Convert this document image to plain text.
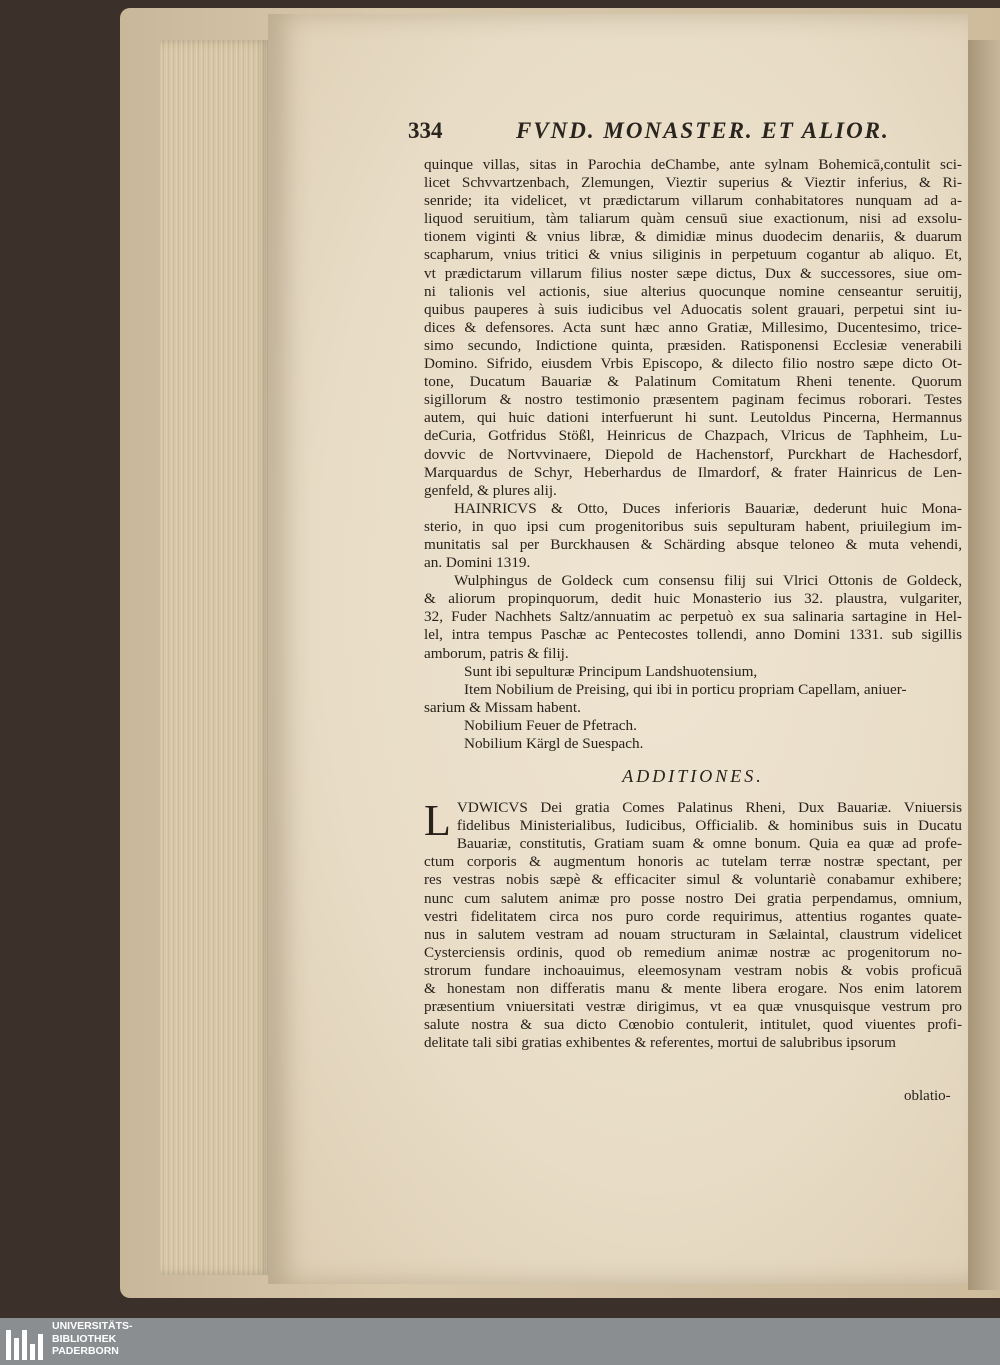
334	FVND. MONASTER. ET ALIOR.
quinque villas, sitas in Parochia deChambe, ante sylnam Bohemicā,contulit sci-
licet Schvvartzenbach, Zlemungen, Vieztir superius & Vieztir inferius, & Ri-
senride; ita videlicet, vt prædictarum villarum conhabitatores nunquam ad a-
liquod seruitium, tàm taliarum quàm censuū siue exactionum, nisi ad exsolu-
tionem viginti & vnius libræ, & dimidiæ minus duodecim denariis, & duarum
scapharum, vnius tritici & vnius siliginis in perpetuum cogantur ab aliquo. Et,
vt prædictarum villarum filius noster sæpe dictus, Dux & successores, siue om-
ni talionis vel actionis, siue alterius quocunque nomine censeantur seruitij,
quibus pauperes à suis iudicibus vel Aduocatis solent grauari, perpetui sint iu-
dices & defensores. Acta sunt hæc anno Gratiæ, Millesimo, Ducentesimo, trice-
simo secundo, Indictione quinta, præsiden. Ratisponensi Ecclesiæ venerabili
Domino. Sifrido, eiusdem Vrbis Episcopo, & dilecto filio nostro sæpe dicto Ot-
tone, Ducatum Bauariæ & Palatinum Comitatum Rheni tenente. Quorum
sigillorum & nostro testimonio præsentem paginam fecimus roborari. Testes
autem, qui huic dationi interfuerunt hi sunt. Leutoldus Pincerna, Hermannus
deCuria, Gotfridus Stößl, Heinricus de Chazpach, Vlricus de Taphheim, Lu-
dovvic de Nortvvinaere, Diepold de Hachenstorf, Purckhart de Hachesdorf,
Marquardus de Schyr, Heberhardus de Ilmardorf, & frater Hainricus de Len-
genfeld, & plures alij.
HAINRICVS & Otto, Duces inferioris Bauariæ, dederunt huic Mona-
sterio, in quo ipsi cum progenitoribus suis sepulturam habent, priuilegium im-
munitatis sal per Burckhausen & Schärding absque teloneo & muta vehendi,
an. Domini 1319.
Wulphingus de Goldeck cum consensu filij sui Vlrici Ottonis de Goldeck,
& aliorum propinquorum, dedit huic Monasterio ius 32. plaustra, vulgariter,
32, Fuder Nachhets Saltz/annuatim ac perpetuò ex sua salinaria sartagine in Hel-
lel, intra tempus Paschæ ac Pentecostes tollendi, anno Domini 1331. sub sigillis
amborum, patris & filij.
Sunt ibi sepulturæ Principum Landshuotensium,
Item Nobilium de Preising, qui ibi in porticu propriam Capellam, aniuer-
sarium & Missam habent.
Nobilium Feuer de Pfetrach.
Nobilium Kärgl de Suespach.
ADDITIONES.
L VDWICVS Dei gratia Comes Palatinus Rheni, Dux Bauariæ. Vniuersis
fidelibus Ministerialibus, Iudicibus, Officialib. & hominibus suis in Ducatu
Bauariæ, constitutis, Gratiam suam & omne bonum. Quia ea quæ ad profe-
ctum corporis & augmentum honoris ac tutelam terræ nostræ spectant, per
res vestras nobis sæpè & efficaciter simul & voluntariè conabamur exhibere;
nunc cum salutem animæ pro posse nostro Dei gratia perpendamus, omnium,
vestri fidelitatem circa nos puro corde requirimus, attentius rogantes quate-
nus in salutem vestram ad nouam structuram in Sælaintal, claustrum videlicet
Cysterciensis ordinis, quod ob remedium animæ nostræ ac progenitorum no-
strorum fundare inchoauimus, eleemosynam vestram nobis & vobis proficuā
& honestam non differatis manu & mente libera erogare. Nos enim latorem
præsentium vniuersitati vestræ dirigimus, vt ea quæ vnusquisque vestrum pro
salute nostra & sua dicto Cœnobio contulerit, intitulet, quod viuentes profi-
delitate tali sibi gratias exhibentes & referentes, mortui de salubribus ipsorum
oblatio-
UNIVERSITÄTS-
BIBLIOTHEK
PADERBORN
